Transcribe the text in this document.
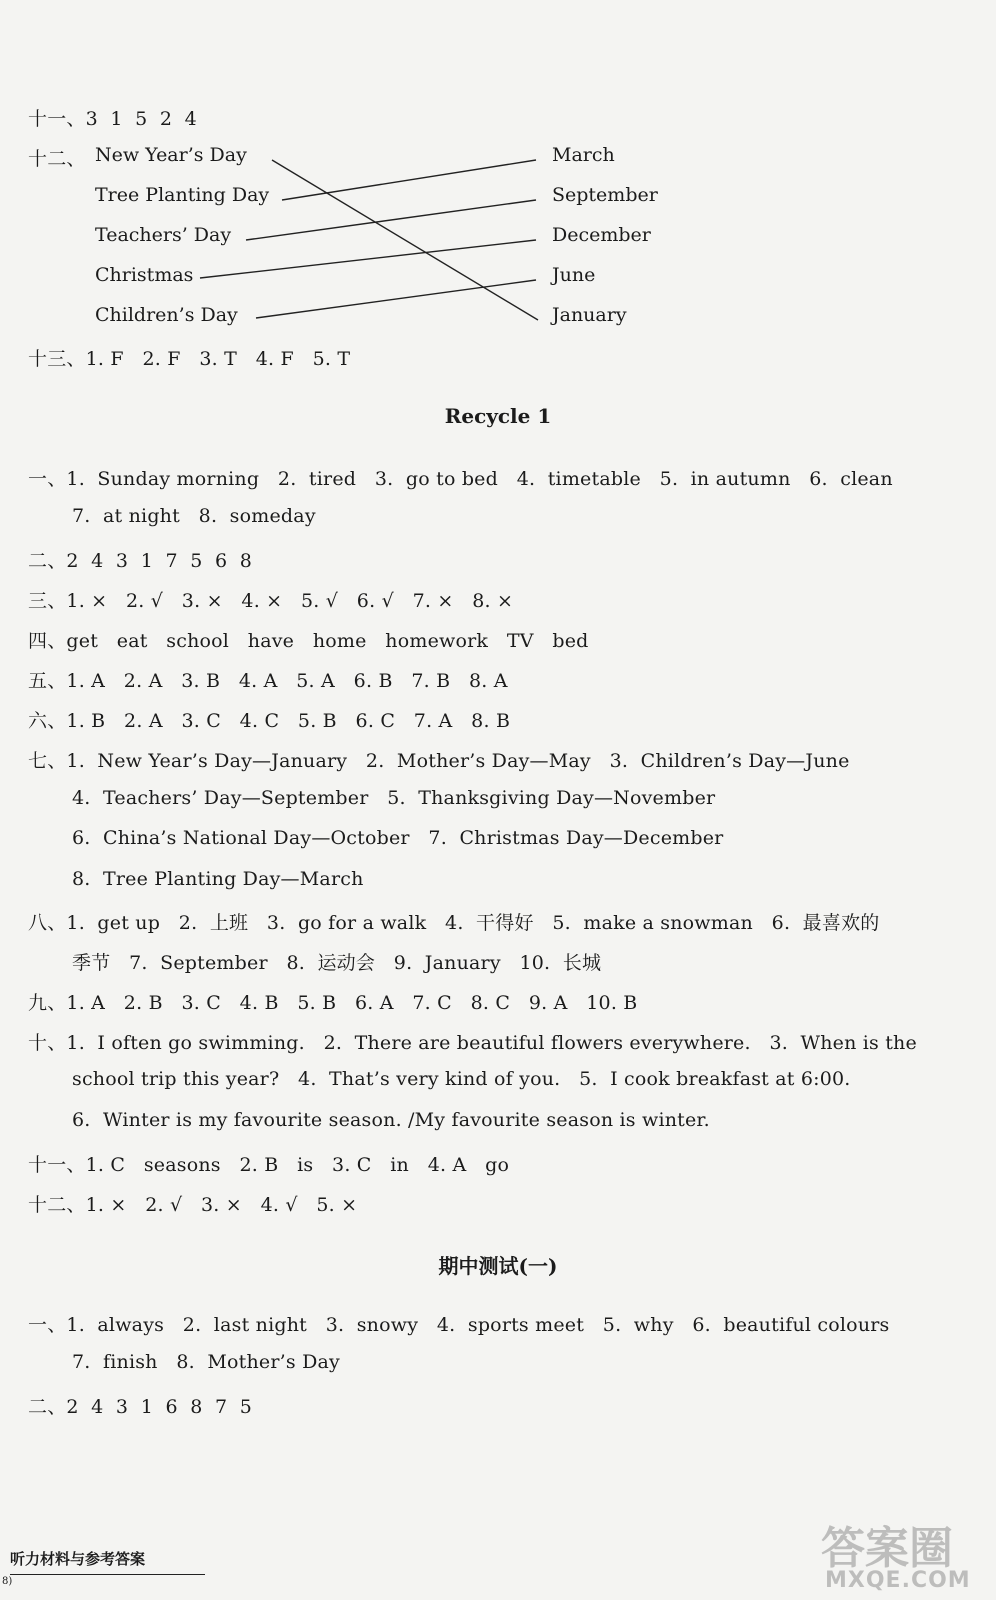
十一、3  1  5  2  4
十二、 New Year’s Day
Tree Planting Day
Teachers’ Day
Christmas
Children’s Day
March
September
December
June
January
十三、1. F   2. F   3. T   4. F   5. T
Recycle 1
一、1.  Sunday morning   2.  tired   3.  go to bed   4.  timetable   5.  in autumn   6.  clean
7.  at night   8.  someday
二、2  4  3  1  7  5  6  8
三、1. ×   2. √   3. ×   4. ×   5. √   6. √   7. ×   8. ×
四、get   eat   school   have   home   homework   TV   bed
五、1. A   2. A   3. B   4. A   5. A   6. B   7. B   8. A
六、1. B   2. A   3. C   4. C   5. B   6. C   7. A   8. B
七、1.  New Year’s Day—January   2.  Mother’s Day—May   3.  Children’s Day—June
4.  Teachers’ Day—September   5.  Thanksgiving Day—November
6.  China’s National Day—October   7.  Christmas Day—December
8.  Tree Planting Day—March
八、1.  get up   2.  上班   3.  go for a walk   4.  干得好   5.  make a snowman   6.  最喜欢的
季节   7.  September   8.  运动会   9.  January   10.  长城
九、1. A   2. B   3. C   4. B   5. B   6. A   7. C   8. C   9. A   10. B
十、1.  I often go swimming.   2.  There are beautiful flowers everywhere.   3.  When is the
school trip this year?   4.  That’s very kind of you.   5.  I cook breakfast at 6:00.
6.  Winter is my favourite season. /My favourite season is winter.
十一、1. C   seasons   2. B   is   3. C   in   4. A   go
十二、1. ×   2. √   3. ×   4. √   5. ×
期中测试(一)
一、1.  always   2.  last night   3.  snowy   4.  sports meet   5.  why   6.  beautiful colours
7.  finish   8.  Mother’s Day
二、2  4  3  1  6  8  7  5
听力材料与参考答案
8)
答案圈
MXQE.COM
